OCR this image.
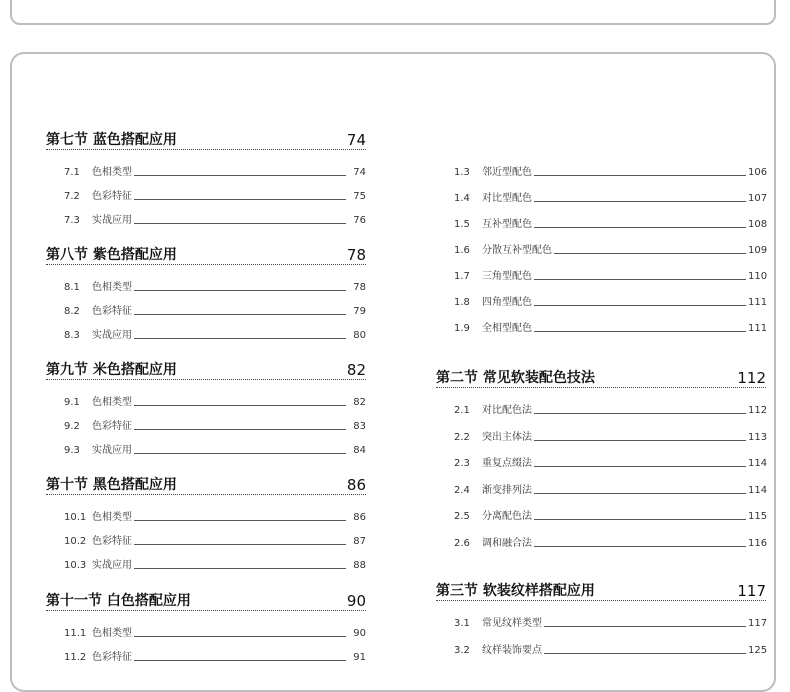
第七节 蓝色搭配应用	74
7.1	色相类型	74
7.2	色彩特征	75
7.3	实战应用	76
第八节 紫色搭配应用	78
8.1	色相类型	78
8.2	色彩特征	79
8.3	实战应用	80
第九节 米色搭配应用	82
9.1	色相类型	82
9.2	色彩特征	83
9.3	实战应用	84
第十节 黑色搭配应用	86
10.1 色相类型	86
10.2 色彩特征	87
10.3 实战应用	88
第十一节 白色搭配应用	90
11.1 色相类型	90
11.2 色彩特征	91
1.3	邻近型配色	106
1.4	对比型配色	107
1.5	互补型配色	108
1.6	分散互补型配色	109
1.7	三角型配色	110
1.8	四角型配色	111
1.9	全相型配色	111
第二节 常见软装配色技法	112
2.1	对比配色法	112
2.2	突出主体法	113
2.3	重复点缀法	114
2.4	渐变排列法	114
2.5	分离配色法	115
2.6	调和融合法	116
第三节 软装纹样搭配应用	117
3.1	常见纹样类型	117
3.2	纹样装饰要点	125
